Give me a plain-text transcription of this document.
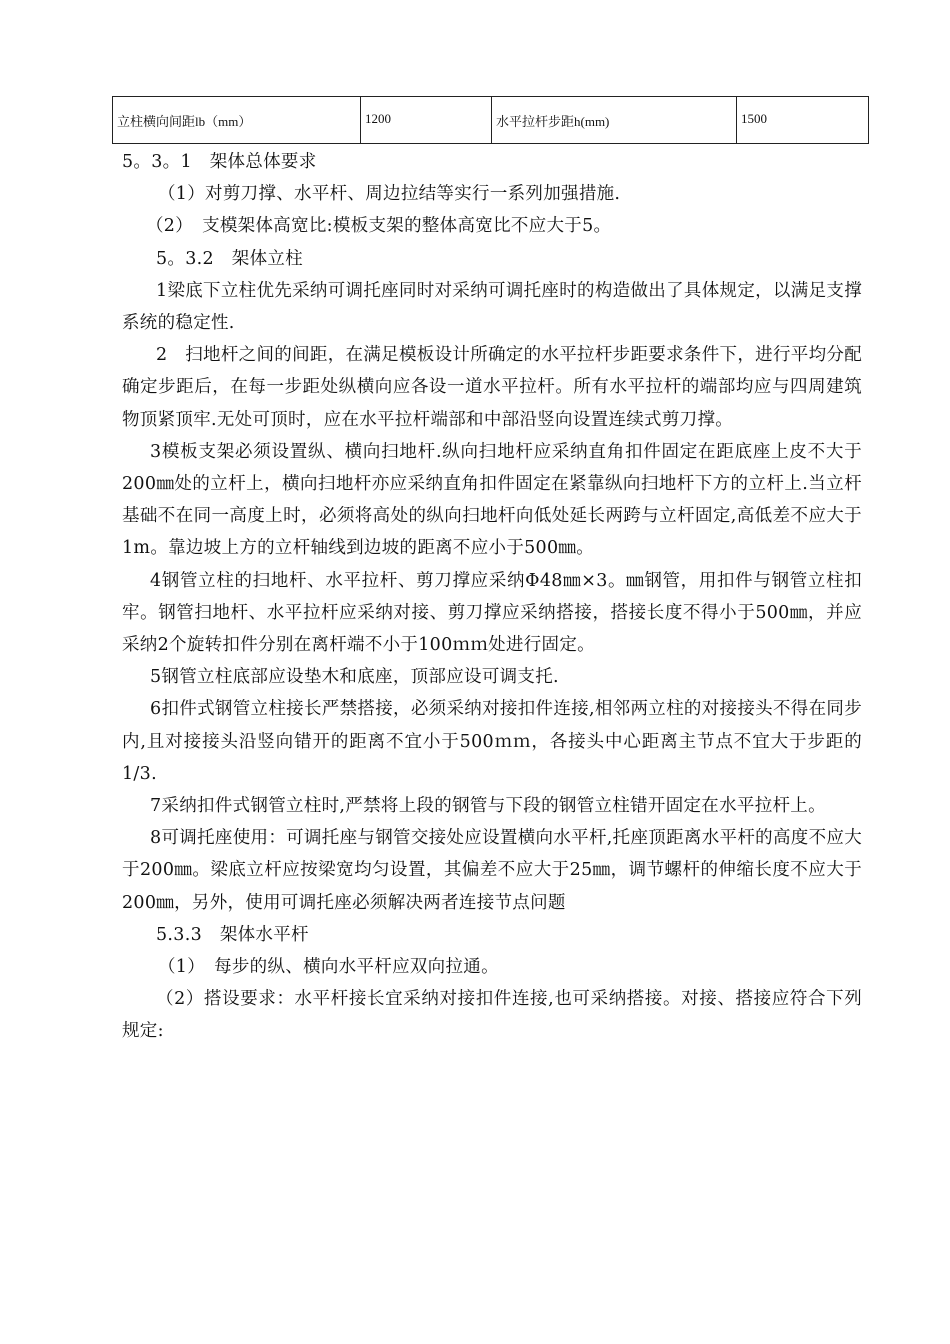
立柱横向间距lb（mm）	1200	水平拉杆步距h(mm)	1500

5。3。1　架体总体要求

（1）对剪刀撑、水平杆、周边拉结等实行一系列加强措施.

（2）　支模架体高宽比:模板支架的整体高宽比不应大于5。

5。3.2　架体立柱

1梁底下立柱优先采纳可调托座同时对采纳可调托座时的构造做出了具体规定，以满足支撑系统的稳定性.

2　扫地杆之间的间距，在满足模板设计所确定的水平拉杆步距要求条件下，进行平均分配确定步距后，在每一步距处纵横向应各设一道水平拉杆。所有水平拉杆的端部均应与四周建筑物顶紧顶牢.无处可顶时，应在水平拉杆端部和中部沿竖向设置连续式剪刀撑。

3模板支架必须设置纵、横向扫地杆.纵向扫地杆应采纳直角扣件固定在距底座上皮不大于200㎜处的立杆上，横向扫地杆亦应采纳直角扣件固定在紧靠纵向扫地杆下方的立杆上.当立杆基础不在同一高度上时，必须将高处的纵向扫地杆向低处延长两跨与立杆固定,高低差不应大于1m。靠边坡上方的立杆轴线到边坡的距离不应小于500㎜。

4钢管立柱的扫地杆、水平拉杆、剪刀撑应采纳Φ48㎜×3。㎜钢管，用扣件与钢管立柱扣牢。钢管扫地杆、水平拉杆应采纳对接、剪刀撑应采纳搭接，搭接长度不得小于500㎜，并应采纳2个旋转扣件分别在离杆端不小于100ｍｍ处进行固定。

5钢管立柱底部应设垫木和底座，顶部应设可调支托.

6扣件式钢管立柱接长严禁搭接，必须采纳对接扣件连接,相邻两立柱的对接接头不得在同步内,且对接接头沿竖向错开的距离不宜小于500ｍｍ，各接头中心距离主节点不宜大于步距的1/3.

7采纳扣件式钢管立柱时,严禁将上段的钢管与下段的钢管立柱错开固定在水平拉杆上。

8可调托座使用：可调托座与钢管交接处应设置横向水平杆,托座顶距离水平杆的高度不应大于200㎜。梁底立杆应按梁宽均匀设置，其偏差不应大于25㎜，调节螺杆的伸缩长度不应大于200㎜，另外，使用可调托座必须解决两者连接节点问题

5.3.3　架体水平杆

（1）　每步的纵、横向水平杆应双向拉通。

（2）搭设要求：水平杆接长宜采纳对接扣件连接,也可采纳搭接。对接、搭接应符合下列规定:
